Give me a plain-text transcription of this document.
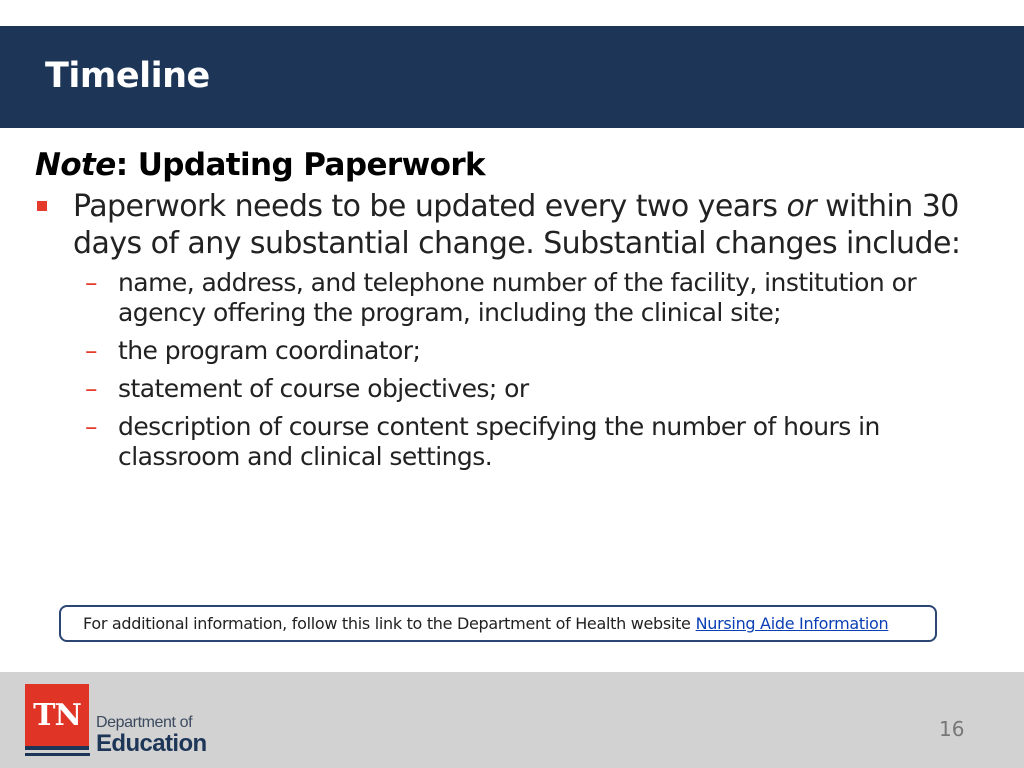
Timeline
Note: Updating Paperwork
Paperwork needs to be updated every two years or within 30 days of any substantial change. Substantial changes include:
– name, address, and telephone number of the facility, institution or agency offering the program, including the clinical site;
– the program coordinator;
– statement of course objectives; or
– description of course content specifying the number of hours in classroom and clinical settings.
For additional information, follow this link to the Department of Health website Nursing Aide Information
TN Department of
Education
16
